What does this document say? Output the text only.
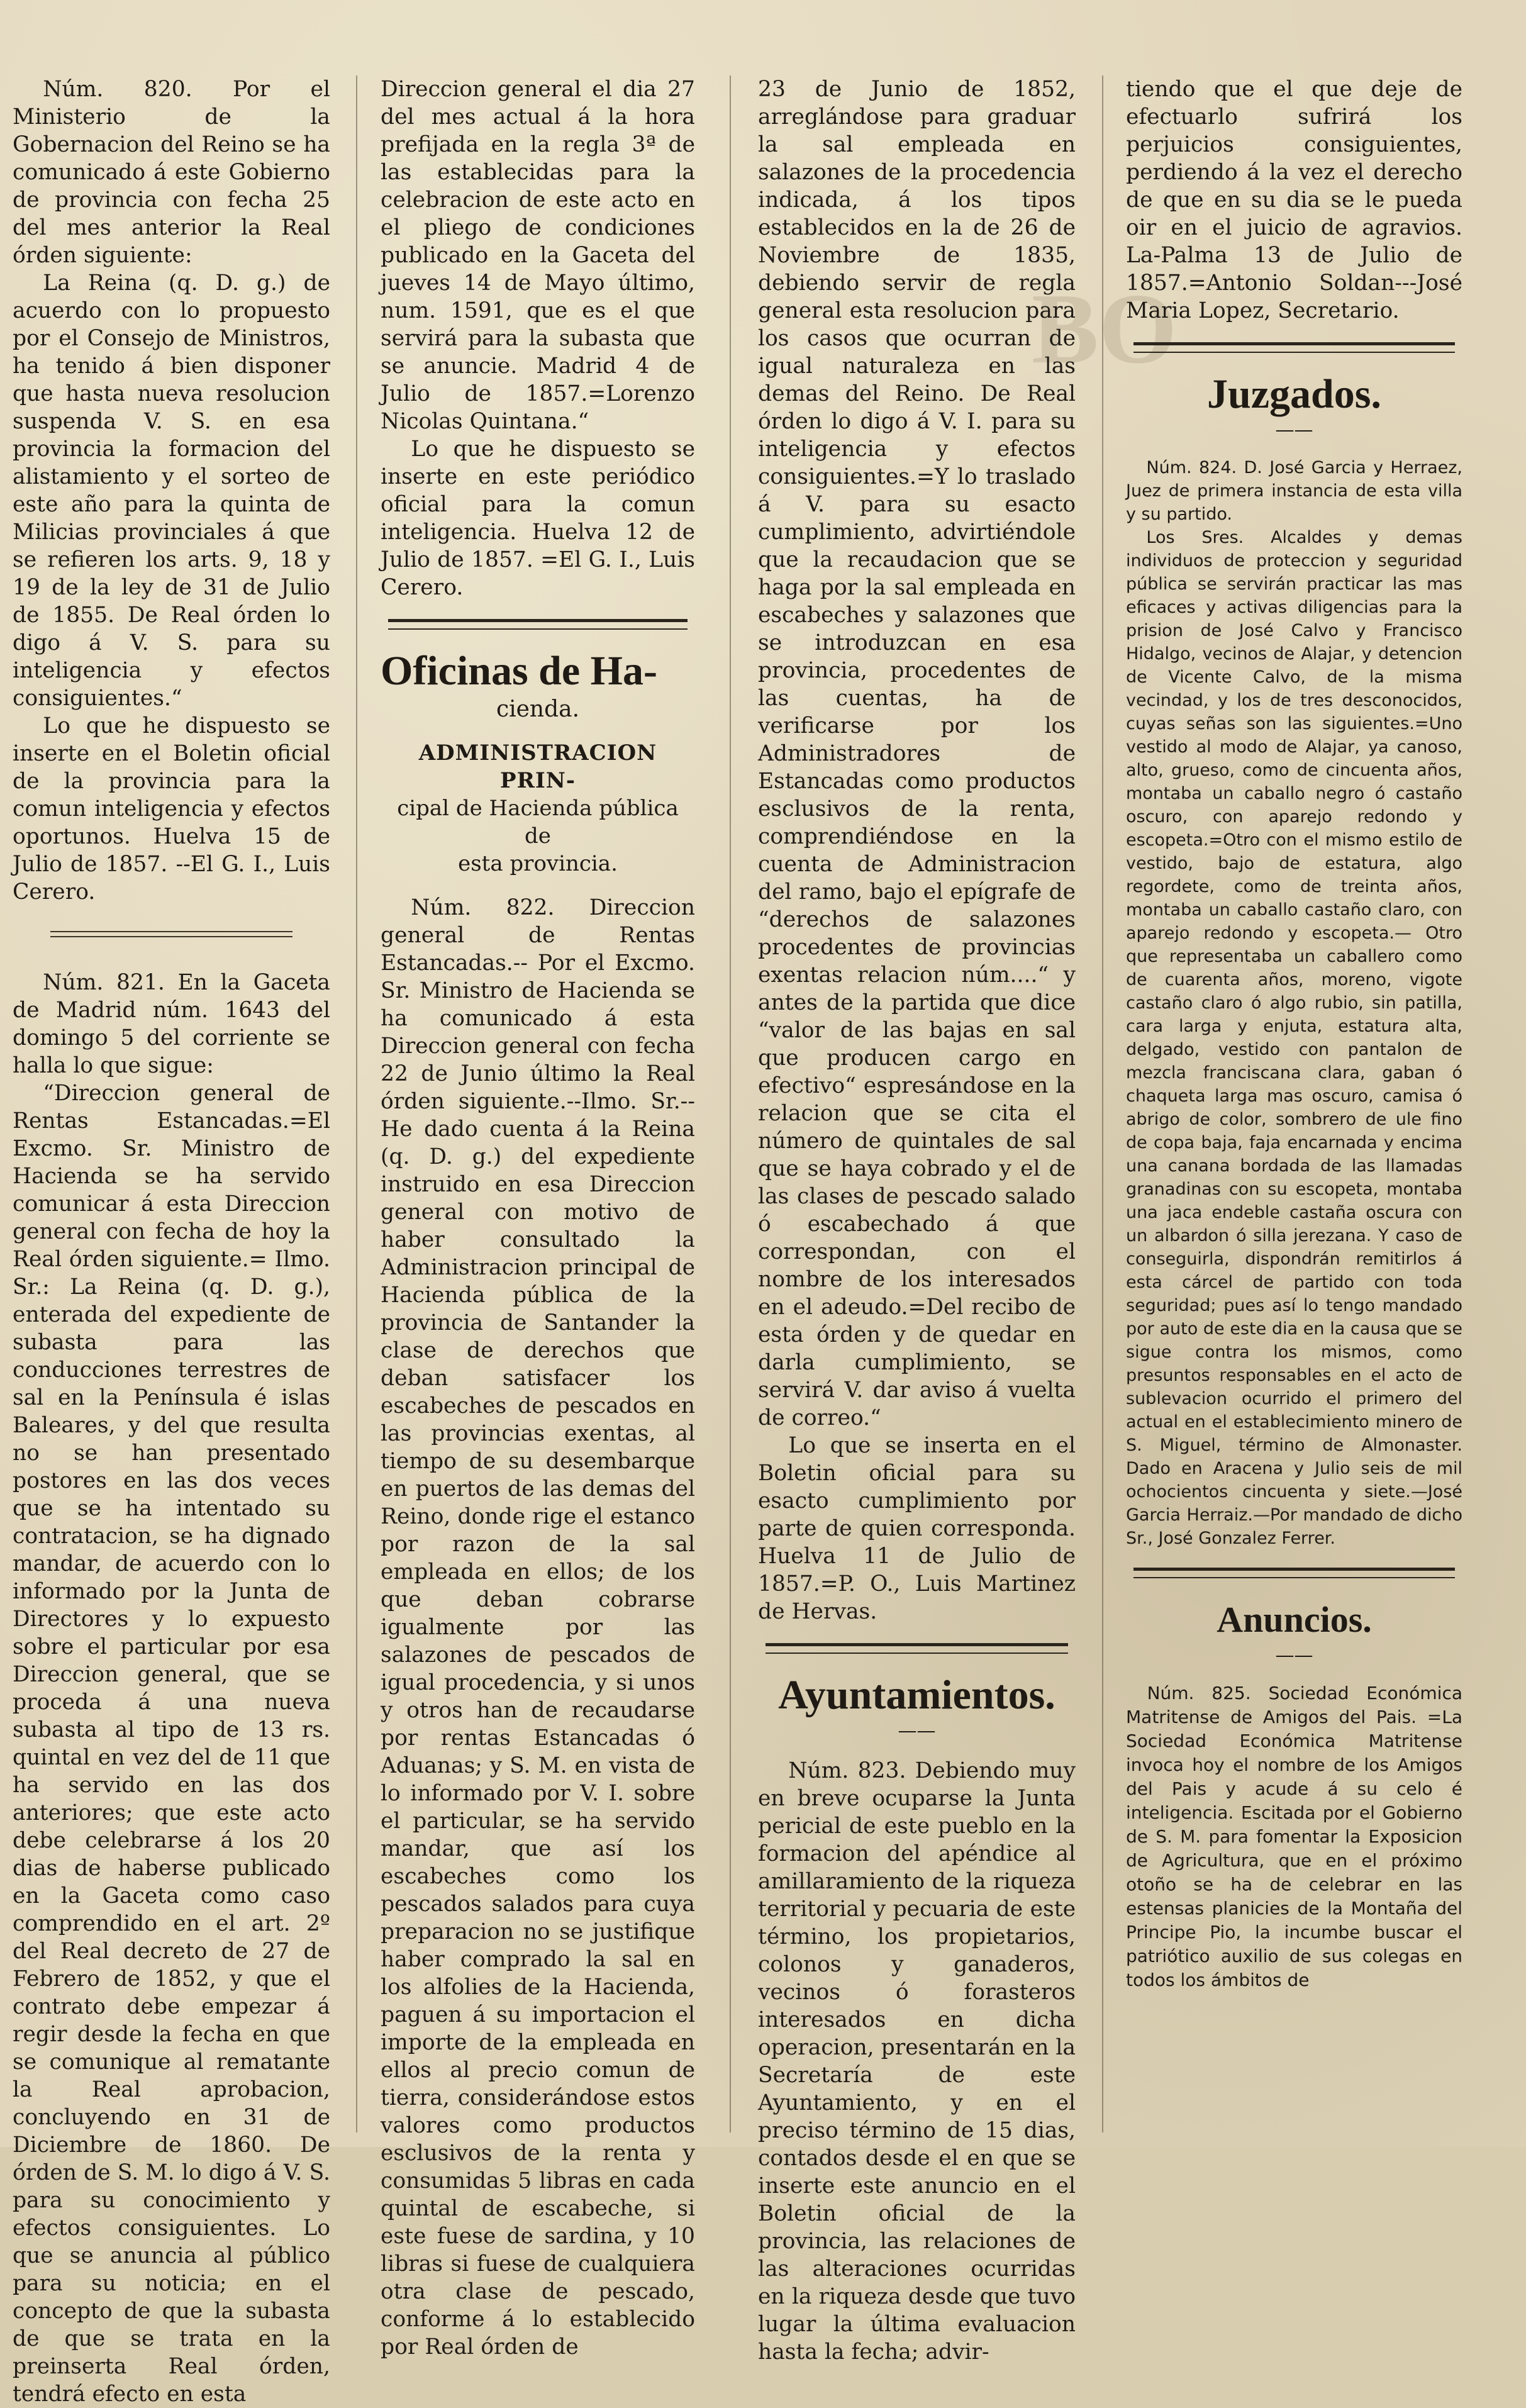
BO

Núm. 820. Por el Ministerio de la Gobernacion del Reino se ha comunicado á este Gobierno de provincia con fecha 25 del mes anterior la Real órden siguiente:

La Reina (q. D. g.) de acuerdo con lo propuesto por el Consejo de Ministros, ha tenido á bien disponer que hasta nueva resolucion suspenda V. S. en esa provincia la formacion del alistamiento y el sorteo de este año para la quinta de Milicias provinciales á que se refieren los arts. 9, 18 y 19 de la ley de 31 de Julio de 1855. De Real órden lo digo á V. S. para su inteligencia y efectos consiguientes.“

Lo que he dispuesto se inserte en el Boletin oficial de la provincia para la comun inteligencia y efectos oportunos. Huelva 15 de Julio de 1857. --El G. I., Luis Cerero.

Núm. 821. En la Gaceta de Madrid núm. 1643 del domingo 5 del corriente se halla lo que sigue:

“Direccion general de Rentas Estancadas.=El Excmo. Sr. Ministro de Hacienda se ha servido comunicar á esta Direccion general con fecha de hoy la Real órden siguiente.= Ilmo. Sr.: La Reina (q. D. g.), enterada del expediente de subasta para las conducciones terrestres de sal en la Península é islas Baleares, y del que resulta no se han presentado postores en las dos veces que se ha intentado su contratacion, se ha dignado mandar, de acuerdo con lo informado por la Junta de Directores y lo expuesto sobre el particular por esa Direccion general, que se proceda á una nueva subasta al tipo de 13 rs. quintal en vez del de 11 que ha servido en las dos anteriores; que este acto debe celebrarse á los 20 dias de haberse publicado en la Gaceta como caso comprendido en el art. 2º del Real decreto de 27 de Febrero de 1852, y que el contrato debe empezar á regir desde la fecha en que se comunique al rematante la Real aprobacion, concluyendo en 31 de Diciembre de 1860. De órden de S. M. lo digo á V. S. para su conocimiento y efectos consiguientes. Lo que se anuncia al público para su noticia; en el concepto de que la subasta de que se trata en la preinserta Real órden, tendrá efecto en esta

Direccion general el dia 27 del mes actual á la hora prefijada en la regla 3ª de las establecidas para la celebracion de este acto en el pliego de condiciones publicado en la Gaceta del jueves 14 de Mayo último, num. 1591, que es el que servirá para la subasta que se anuncie. Madrid 4 de Julio de 1857.=Lorenzo Nicolas Quintana.“

Lo que he dispuesto se inserte en este periódico oficial para la comun inteligencia. Huelva 12 de Julio de 1857. =El G. I., Luis Cerero.

Oficinas de Ha-
cienda.
ADMINISTRACION PRIN-
cipal de Hacienda pública de
esta provincia.

Núm. 822. Direccion general de Rentas Estancadas.-- Por el Excmo. Sr. Ministro de Hacienda se ha comunicado á esta Direccion general con fecha 22 de Junio último la Real órden siguiente.--Ilmo. Sr.--He dado cuenta á la Reina (q. D. g.) del expediente instruido en esa Direccion general con motivo de haber consultado la Administracion principal de Hacienda pública de la provincia de Santander la clase de derechos que deban satisfacer los escabeches de pescados en las provincias exentas, al tiempo de su desembarque en puertos de las demas del Reino, donde rige el estanco por razon de la sal empleada en ellos; de los que deban cobrarse igualmente por las salazones de pescados de igual procedencia, y si unos y otros han de recaudarse por rentas Estancadas ó Aduanas; y S. M. en vista de lo informado por V. I. sobre el particular, se ha servido mandar, que así los escabeches como los pescados salados para cuya preparacion no se justifique haber comprado la sal en los alfolies de la Hacienda, paguen á su importacion el importe de la empleada en ellos al precio comun de tierra, considerándose estos valores como productos esclusivos de la renta y consumidas 5 libras en cada quintal de escabeche, si este fuese de sardina, y 10 libras si fuese de cualquiera otra clase de pescado, conforme á lo establecido por Real órden de

23 de Junio de 1852, arreglándose para graduar la sal empleada en salazones de la procedencia indicada, á los tipos establecidos en la de 26 de Noviembre de 1835, debiendo servir de regla general esta resolucion para los casos que ocurran de igual naturaleza en las demas del Reino. De Real órden lo digo á V. I. para su inteligencia y efectos consiguientes.=Y lo traslado á V. para su esacto cumplimiento, advirtiéndole que la recaudacion que se haga por la sal empleada en escabeches y salazones que se introduzcan en esa provincia, procedentes de las cuentas, ha de verificarse por los Administradores de Estancadas como productos esclusivos de la renta, comprendiéndose en la cuenta de Administracion del ramo, bajo el epígrafe de “derechos de salazones procedentes de provincias exentas relacion núm....“ y antes de la partida que dice “valor de las bajas en sal que producen cargo en efectivo“ espresándose en la relacion que se cita el número de quintales de sal que se haya cobrado y el de las clases de pescado salado ó escabechado á que correspondan, con el nombre de los interesados en el adeudo.=Del recibo de esta órden y de quedar en darla cumplimiento, se servirá V. dar aviso á vuelta de correo.“

Lo que se inserta en el Boletin oficial para su esacto cumplimiento por parte de quien corresponda. Huelva 11 de Julio de 1857.=P. O., Luis Martinez de Hervas.

Ayuntamientos.
——

Núm. 823. Debiendo muy en breve ocuparse la Junta pericial de este pueblo en la formacion del apéndice al amillaramiento de la riqueza territorial y pecuaria de este término, los propietarios, colonos y ganaderos, vecinos ó forasteros interesados en dicha operacion, presentarán en la Secretaría de este Ayuntamiento, y en el preciso término de 15 dias, contados desde el en que se inserte este anuncio en el Boletin oficial de la provincia, las relaciones de las alteraciones ocurridas en la riqueza desde que tuvo lugar la última evaluacion hasta la fecha; advir-

tiendo que el que deje de efectuarlo sufrirá los perjuicios consiguientes, perdiendo á la vez el derecho de que en su dia se le pueda oir en el juicio de agravios. La-Palma 13 de Julio de 1857.=Antonio Soldan---José Maria Lopez, Secretario.

Juzgados.
——

Núm. 824. D. José Garcia y Herraez, Juez de primera instancia de esta villa y su partido.

Los Sres. Alcaldes y demas individuos de proteccion y seguridad pública se servirán practicar las mas eficaces y activas diligencias para la prision de José Calvo y Francisco Hidalgo, vecinos de Alajar, y detencion de Vicente Calvo, de la misma vecindad, y los de tres desconocidos, cuyas señas son las siguientes.=Uno vestido al modo de Alajar, ya canoso, alto, grueso, como de cincuenta años, montaba un caballo negro ó castaño oscuro, con aparejo redondo y escopeta.=Otro con el mismo estilo de vestido, bajo de estatura, algo regordete, como de treinta años, montaba un caballo castaño claro, con aparejo redondo y escopeta.— Otro que representaba un caballero como de cuarenta años, moreno, vigote castaño claro ó algo rubio, sin patilla, cara larga y enjuta, estatura alta, delgado, vestido con pantalon de mezcla franciscana clara, gaban ó chaqueta larga mas oscuro, camisa ó abrigo de color, sombrero de ule fino de copa baja, faja encarnada y encima una canana bordada de las llamadas granadinas con su escopeta, montaba una jaca endeble castaña oscura con un albardon ó silla jerezana. Y caso de conseguirla, dispondrán remitirlos á esta cárcel de partido con toda seguridad; pues así lo tengo mandado por auto de este dia en la causa que se sigue contra los mismos, como presuntos responsables en el acto de sublevacion ocurrido el primero del actual en el establecimiento minero de S. Miguel, término de Almonaster. Dado en Aracena y Julio seis de mil ochocientos cincuenta y siete.—José Garcia Herraiz.—Por mandado de dicho Sr., José Gonzalez Ferrer.

Anuncios.
——

Núm. 825. Sociedad Económica Matritense de Amigos del Pais. =La Sociedad Económica Matritense invoca hoy el nombre de los Amigos del Pais y acude á su celo é inteligencia. Escitada por el Gobierno de S. M. para fomentar la Exposicion de Agricultura, que en el próximo otoño se ha de celebrar en las estensas planicies de la Montaña del Principe Pio, la incumbe buscar el patriótico auxilio de sus colegas en todos los ámbitos de
